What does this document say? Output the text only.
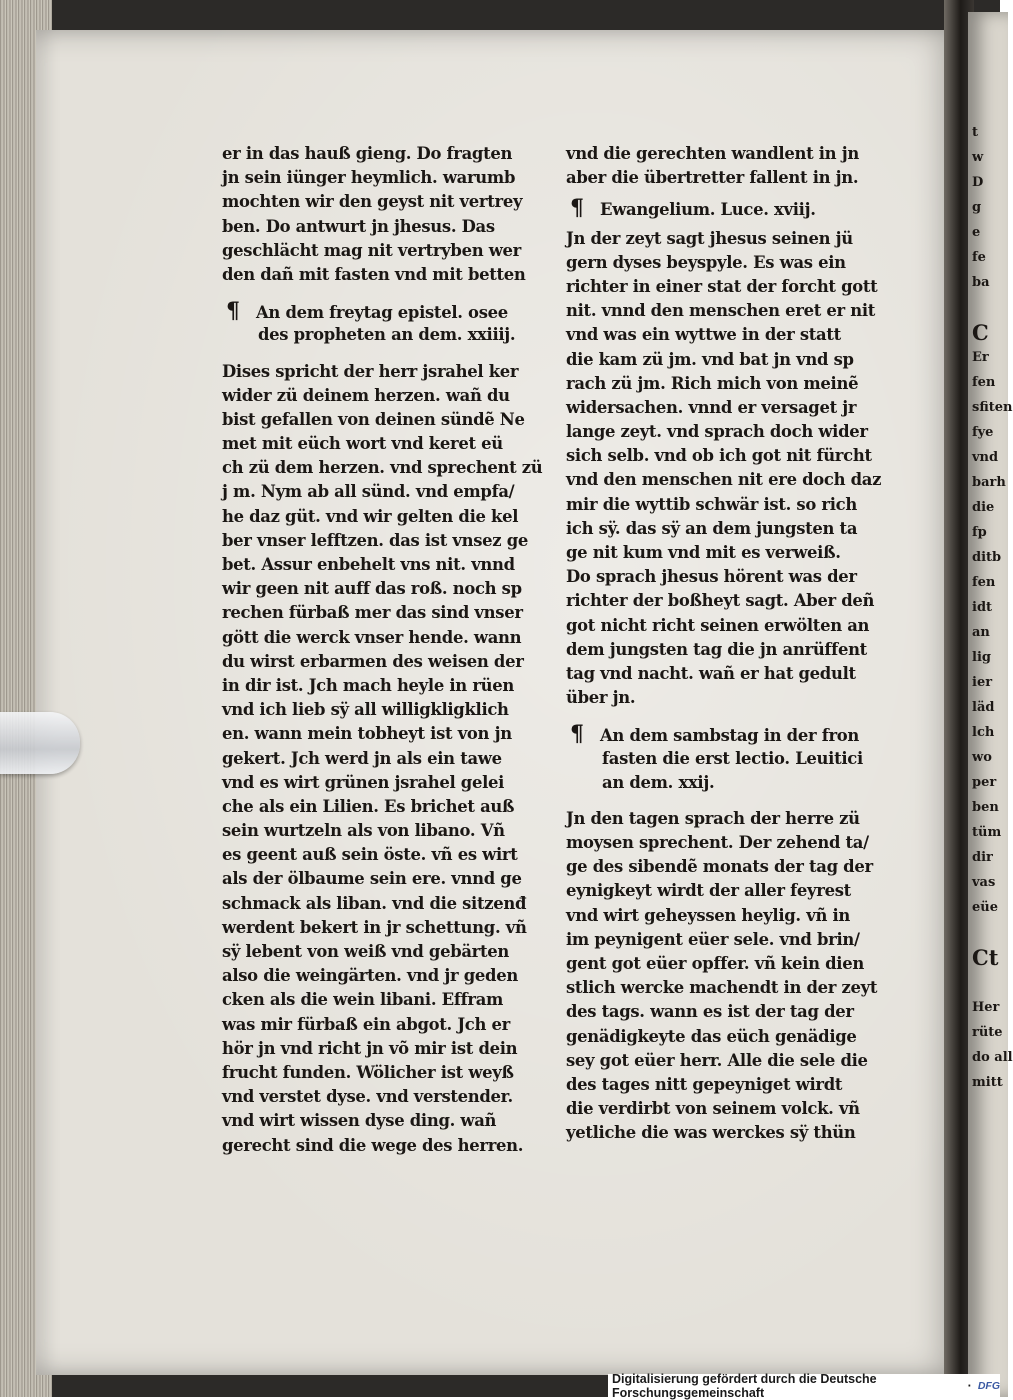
er in das hauß gieng. Do fragten
jn sein iünger heymlich. warumb
mochten wir den geyst nit vertrey
ben. Do antwurt jn jhesus. Das
geschlächt mag nit vertryben wer
den dañ mit fasten vnd mit betten
¶ An dem freytag epistel. osee
des propheten an dem. xxiiij.
Dises spricht der herr jsrahel ker
wider zü deinem herzen. wañ du
bist gefallen von deinen sündẽ Ne
met mit eüch wort vnd keret eü
ch zü dem herzen. vnd sprechent zü
j m. Nym ab all sünd. vnd empfa/
he daz güt. vnd wir gelten die kel
ber vnser lefftzen. das ist vnsez ge
bet. Assur enbehelt vns nit. vnnd
wir geen nit auff das roß. noch sp
rechen fürbaß mer das sind vnser
gött die werck vnser hende. wann
du wirst erbarmen des weisen der
in dir ist. Jch mach heyle in rüen
vnd ich lieb sÿ all willigkligklich
en. wann mein tobheyt ist von jn
gekert. Jch werd jn als ein tawe
vnd es wirt grünen jsrahel gelei
che als ein Lilien. Es brichet auß
sein wurtzeln als von libano. Vñ
es geent auß sein öste. vñ es wirt
als der ölbaume sein ere. vnnd ge
schmack als liban. vnd die sitzenđ
werdent bekert in jr schettung. vñ
sÿ lebent von weiß vnd gebärten
also die weingärten. vnd jr geden
cken als die wein libani. Effram
was mir fürbaß ein abgot. Jch er
hör jn vnd richt jn võ mir ist dein
frucht funden. Wölicher ist weyß
vnd verstet dyse. vnd verstender.
vnd wirt wissen dyse ding. wañ
gerecht sind die wege des herren.
vnd die gerechten wandlent in jn
aber die übertretter fallent in jn.
¶ Ewangelium. Luce. xviij.
Jn der zeyt sagt jhesus seinen jü
gern dyses beyspyle. Es was ein
richter in einer stat der forcht gott
nit. vnnd den menschen eret er nit
vnd was ein wyttwe in der statt
die kam zü jm. vnd bat jn vnd sp
rach zü jm. Rich mich von meinẽ
widersachen. vnnd er versaget jr
lange zeyt. vnd sprach doch wider
sich selb. vnd ob ich got nit fürcht
vnd den menschen nit ere doch daz
mir die wyttib schwär ist. so rich
ich sÿ. das sÿ an dem jungsten ta
ge nit kum vnd mit es verweiß.
Do sprach jhesus hörent was der
richter der boßheyt sagt. Aber deñ
got nicht richt seinen erwölten an
dem jungsten tag die jn anrüffent
tag vnd nacht. wañ er hat gedult
über jn.
¶ An dem sambstag in der fron
fasten die erst lectio. Leuitici
an dem. xxij.
Jn den tagen sprach der herre zü
moysen sprechent. Der zehend ta/
ge des sibendẽ monats der tag der
eynigkeyt wirdt der aller feyrest
vnd wirt geheyssen heylig. vñ in
im peynigent eüer sele. vnd brin/
gent got eüer opffer. vñ kein dien
stlich wercke machendt in der zeyt
des tags. wann es ist der tag der
genädigkeyte das eüch genädige
sey got eüer herr. Alle die sele die
des tages nitt gepeyniget wirdt
die verdirbt von seinem volck. vñ
yetliche die was werckes sÿ thün
t
w
D
g
e
fe
ba
C
Er
fen
sfiten
fye
vnd
barh
die
fp
ditb
fen
idt
an
lig
ier
läd
lch
wo
per
ben
tüm
dir
vas
eüe
Ct
Her
rüte
do all
mitt
Digitalisierung gefördert durch die Deutsche Forschungsgemeinschaft	· DFG
